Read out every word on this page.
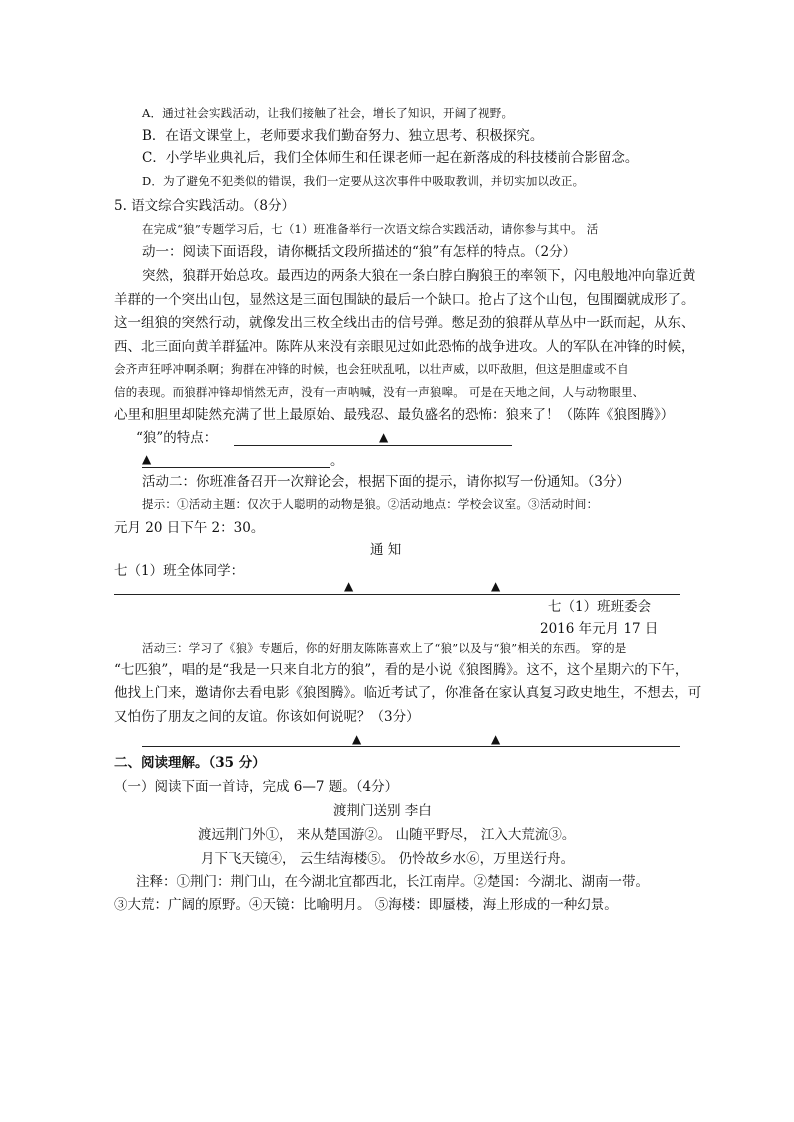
A．通过社会实践活动，让我们接触了社会，增长了知识，开阔了视野。
B．在语文课堂上，老师要求我们勤奋努力、独立思考、积极探究。
C．小学毕业典礼后，我们全体师生和任课老师一起在新落成的科技楼前合影留念。
D．为了避免不犯类似的错误，我们一定要从这次事件中吸取教训，并切实加以改正。
5. 语文综合实践活动。（8分）
在完成“狼”专题学习后，七（1）班准备举行一次语文综合实践活动，请你参与其中。 活
动一：阅读下面语段，请你概括文段所描述的“狼”有怎样的特点。（2分）
突然，狼群开始总攻。最西边的两条大狼在一条白脖白胸狼王的率领下，闪电般地冲向靠近黄
羊群的一个突出山包，显然这是三面包围缺的最后一个缺口。抢占了这个山包，包围圈就成形了。
这一组狼的突然行动，就像发出三枚全线出击的信号弹。憋足劲的狼群从草丛中一跃而起，从东、
西、北三面向黄羊群猛冲。陈阵从来没有亲眼见过如此恐怖的战争进攻。人的军队在冲锋的时候，
会齐声狂呼冲啊杀啊；狗群在冲锋的时候，也会狂吠乱吼，以壮声威，以吓敌胆，但这是胆虚或不自
信的表现。而狼群冲锋却悄然无声，没有一声呐喊，没有一声狼嗥。 可是在天地之间，人与动物眼里、
心里和胆里却陡然充满了世上最原始、最残忍、最负盛名的恐怖：狼来了！（陈阵《狼图腾》）
“狼”的特点：	▲
▲	。
活动二：你班准备召开一次辩论会，根据下面的提示，请你拟写一份通知。（3分）
提示：①活动主题：仅次于人聪明的动物是狼。②活动地点：学校会议室。③活动时间：
元月 20 日下午 2：30。
通 知
七（1）班全体同学：
▲	▲
七（1）班班委会
2016 年元月 17 日
活动三：学习了《狼》专题后，你的好朋友陈陈喜欢上了“狼”以及与“狼”相关的东西。 穿的是
“七匹狼”，唱的是“我是一只来自北方的狼”，看的是小说《狼图腾》。这不，这个星期六的下午，
他找上门来，邀请你去看电影《狼图腾》。临近考试了，你准备在家认真复习政史地生，不想去，可
又怕伤了朋友之间的友谊。你该如何说呢？（3分）
▲	▲
二、阅读理解。（35 分）
（一）阅读下面一首诗，完成 6—7 题。（4分）
渡荆门送别 李白
渡远荆门外①， 来从楚国游②。 山随平野尽， 江入大荒流③。
月下飞天镜④， 云生结海楼⑤。 仍怜故乡水⑥，万里送行舟。
注释：①荆门：荆门山，在今湖北宜都西北，长江南岸。②楚国：今湖北、湖南一带。
③大荒：广阔的原野。④天镜：比喻明月。 ⑤海楼：即蜃楼，海上形成的一种幻景。
